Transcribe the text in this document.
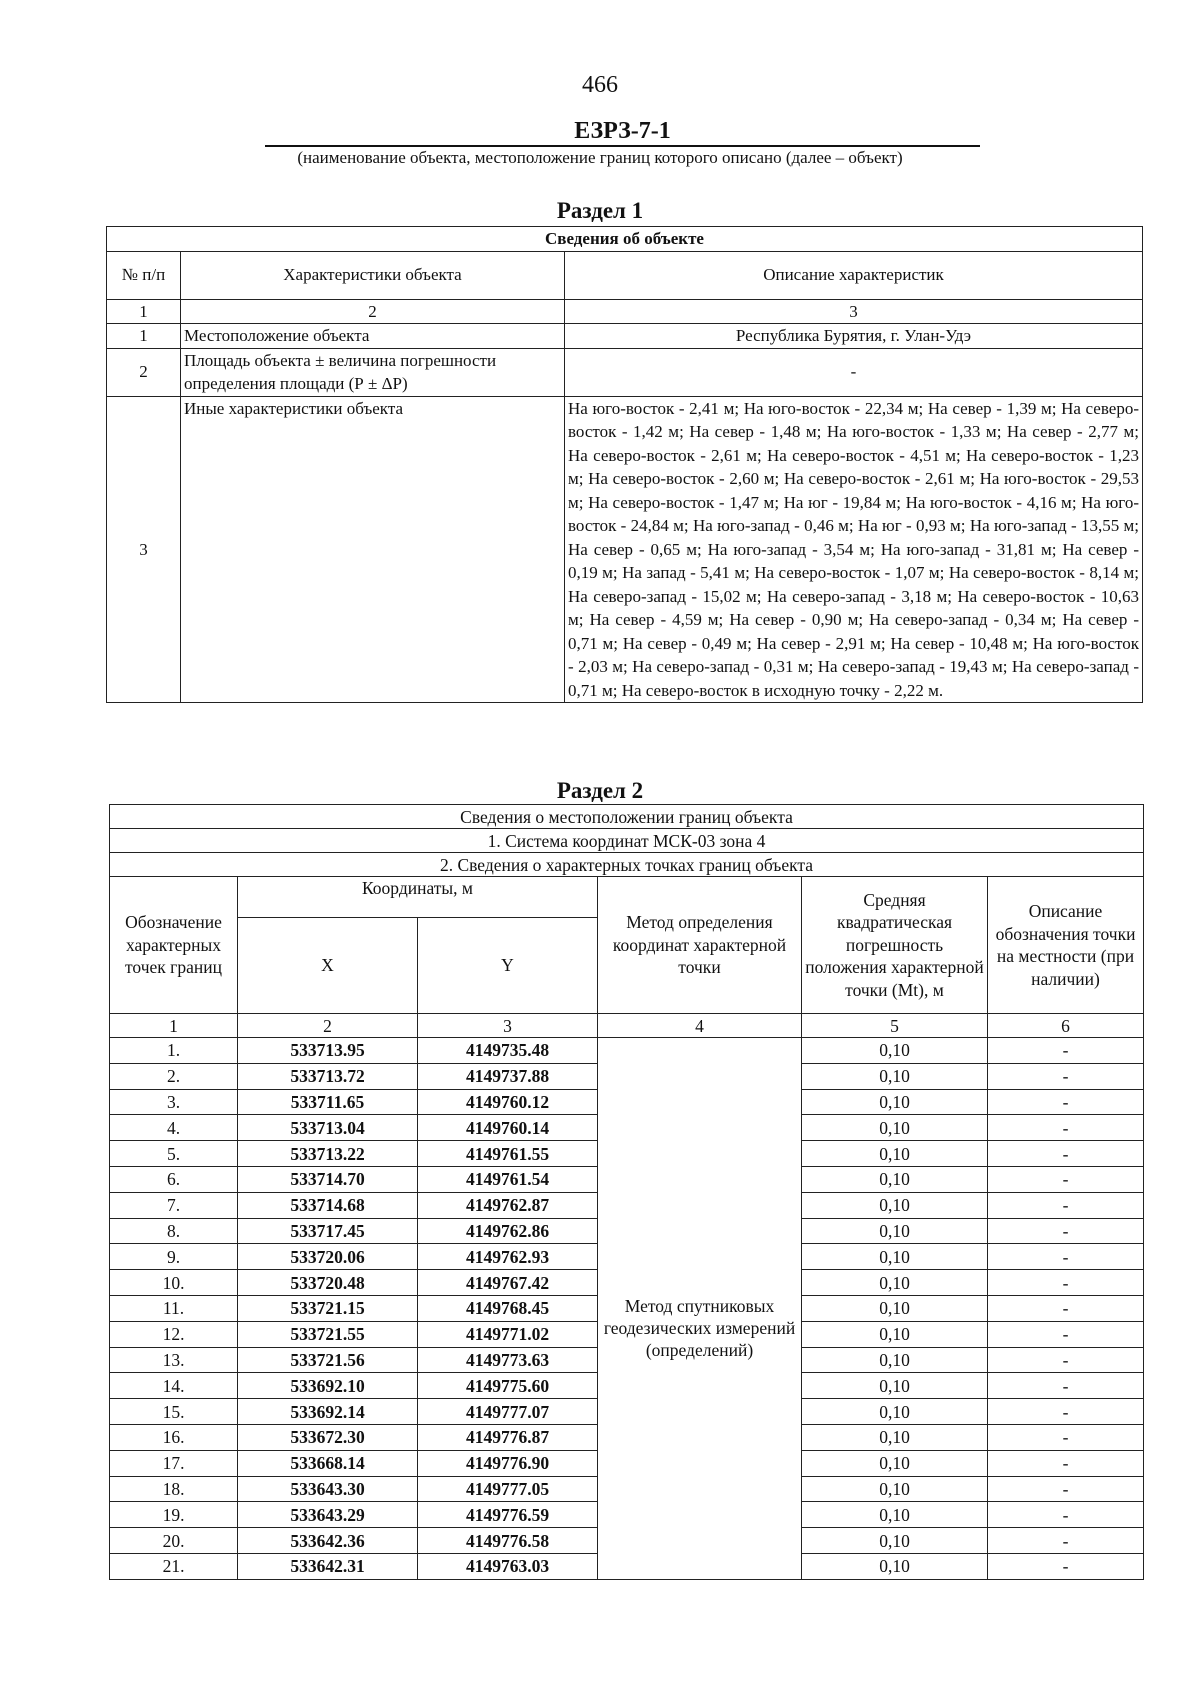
466
ЕЗРЗ-7-1
(наименование объекта, местоположение границ которого описано (далее – объект)
Раздел 1
Сведения об объекте		
№ п/п	Характеристики объекта	Описание характеристик
1	2	3
1	Местоположение объекта	Республика Бурятия, г. Улан-Удэ
2	Площадь объекта ± величина погрешности определения площади (Р ± ΔР)	-
3	Иные характеристики объекта	На юго-восток - 2,41 м; На юго-восток - 22,34 м; На север - 1,39 м; На северо-восток - 1,42 м; На север - 1,48 м; На юго-восток - 1,33 м; На север - 2,77 м; На северо-восток - 2,61 м; На северо-восток - 4,51 м; На северо-восток - 1,23 м; На северо-восток - 2,60 м; На северо-восток - 2,61 м; На юго-восток - 29,53 м; На северо-восток - 1,47 м; На юг - 19,84 м; На юго-восток - 4,16 м; На юго-восток - 24,84 м; На юго-запад - 0,46 м; На юг - 0,93 м; На юго-запад - 13,55 м; На север - 0,65 м; На юго-запад - 3,54 м; На юго-запад - 31,81 м; На север - 0,19 м; На запад - 5,41 м; На северо-восток - 1,07 м; На северо-восток - 8,14 м; На северо-запад - 15,02 м; На северо-запад - 3,18 м; На северо-восток - 10,63 м; На север - 4,59 м; На север - 0,90 м; На северо-запад - 0,34 м; На север - 0,71 м; На север - 0,49 м; На север - 2,91 м; На север - 10,48 м; На юго-восток - 2,03 м; На северо-запад - 0,31 м; На северо-запад - 19,43 м; На северо-запад - 0,71 м; На северо-восток в исходную точку - 2,22 м.
Раздел 2
Сведения о местоположении границ объекта					
1. Система координат МСК-03 зона 4					
2. Сведения о характерных точках границ объекта					
Обозначение характерных точек границ	Координаты, м		Метод определения координат характерной точки	Средняя квадратическая погрешность положения характерной точки (Mt), м	Описание обозначения точки на местности (при наличии)
	X	Y			
1	2	3	4	5	6
1.	533713.95	4149735.48	Метод спутниковых геодезических измерений (определений)	0,10	-
2.	533713.72	4149737.88		0,10	-
3.	533711.65	4149760.12		0,10	-
4.	533713.04	4149760.14		0,10	-
5.	533713.22	4149761.55		0,10	-
6.	533714.70	4149761.54		0,10	-
7.	533714.68	4149762.87		0,10	-
8.	533717.45	4149762.86		0,10	-
9.	533720.06	4149762.93		0,10	-
10.	533720.48	4149767.42		0,10	-
11.	533721.15	4149768.45		0,10	-
12.	533721.55	4149771.02		0,10	-
13.	533721.56	4149773.63		0,10	-
14.	533692.10	4149775.60		0,10	-
15.	533692.14	4149777.07		0,10	-
16.	533672.30	4149776.87		0,10	-
17.	533668.14	4149776.90		0,10	-
18.	533643.30	4149777.05		0,10	-
19.	533643.29	4149776.59		0,10	-
20.	533642.36	4149776.58		0,10	-
21.	533642.31	4149763.03		0,10	-
